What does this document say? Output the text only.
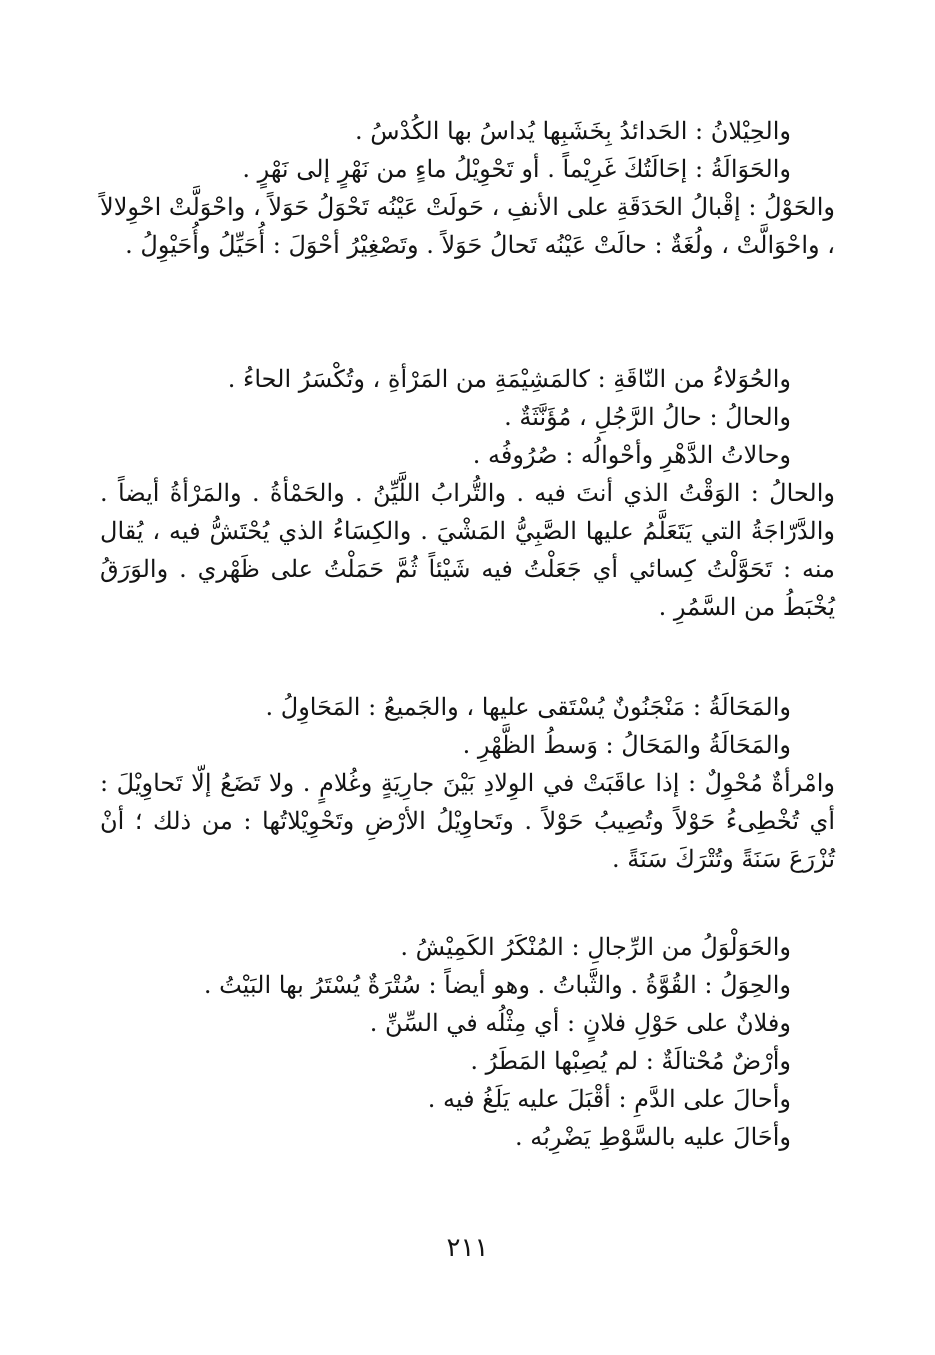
والحِيْلانُ : الحَدائدُ بِخَشَبِها يُداسُ بها الكُدْسُ .

والحَوَالَةُ : إحَالَتُكَ غَرِيْماً . أو تَحْوِيْلُ ماءٍ من نَهْرٍ إلى نَهْرٍ .

والحَوْلُ : إقْبالُ الحَدَقَةِ على الأنفِ ، حَولَتْ عَيْنُه تَحْوَلُ حَوَلاً ، واحْوَلَّتْ احْوِلالاً ، واحْوَالَّتْ ، ولُغَةٌ : حالَتْ عَيْنُه تَحالُ حَوَلاً . وتَصْغِيْرُ أحْوَلَ : أُحَيِّلُ وأُحَيْوِلُ .

والحُوَلاءُ من النّاقَةِ : كالمَشِيْمَةِ من المَرْأةِ ، وتُكْسَرُ الحاءُ .

والحالُ : حالُ الرَّجُلِ ، مُؤَنَّثَةٌ .

وحالاتُ الدَّهْرِ وأحْوالُه : صُرُوفُه .

والحالُ : الوَقْتُ الذي أنتَ فيه . والتُّرابُ اللَّيِّنُ . والحَمْأةُ . والمَرْأةُ أيضاً . والدَّرّاجَةُ التي يَتَعَلَّمُ عليها الصَّبِيُّ المَشْيَ . والكِسَاءُ الذي يُحْتَشُّ فيه ، يُقال منه : تَحَوَّلْتُ كِسائي أي جَعَلْتُ فيه شَيْئاً ثُمَّ حَمَلْتُ على ظَهْري . والوَرَقُ يُخْبَطُ من السَّمُرِ .

والمَحَالَةُ : مَنْجَنُونٌ يُسْتَقى عليها ، والجَميعُ : المَحَاوِلُ .

والمَحَالَةُ والمَحَالُ : وَسطُ الظَّهْرِ .

وامْرأةٌ مُحْوِلٌ : إذا عاقَبَتْ في الوِلادِ بَيْنَ جارِيَةٍ وغُلامٍ . ولا تَضَعُ إلّا تَحاوِيْلَ : أي تُخْطِىءُ حَوْلاً وتُصِيبُ حَوْلاً . وتَحاوِيْلُ الأرْضِ وتَحْوِيْلاتُها : من ذلك ؛ أنْ تُزْرَعَ سَنَةً وتُتْرَكَ سَنَةً .

والحَوَلْوَلُ من الرِّجالِ : المُنْكَرُ الكَمِيْشُ .

والحِوَلُ : القُوَّةُ . والثَّباتُ . وهو أيضاً : سُتْرَةٌ يُسْتَرُ بها البَيْتُ .

وفلانٌ على حَوْلِ فلانٍ : أي مِثْلُه في السِّنِّ .

وأرْضٌ مُحْتالَةٌ : لم يُصِبْها المَطَرُ .

وأحالَ على الدَّمِ : أقْبَلَ عليه يَلَغُ فيه .

وأحَالَ عليه بالسَّوْطِ يَضْرِبُه .

٢١١
